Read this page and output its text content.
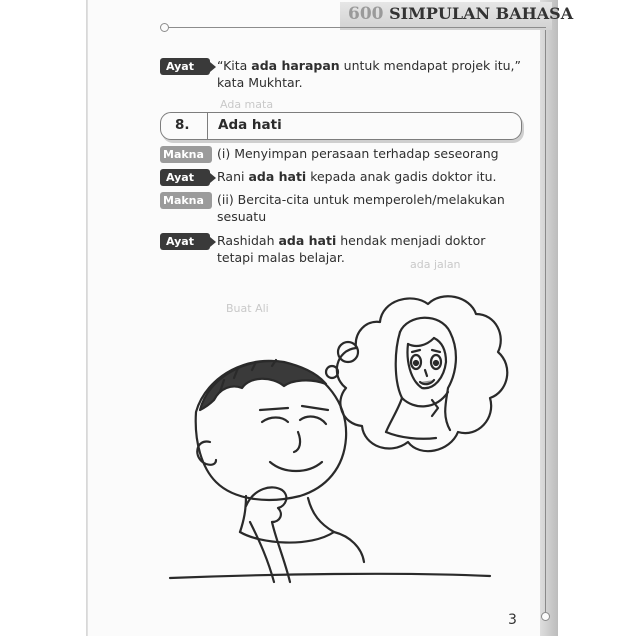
Ada mata
ada jalan
Buat Ali
600 SIMPULAN BAHASA
Ayat	“Kita ada harapan untuk mendapat projek itu,” kata Mukhtar.
8. Ada hati
Makna	(i) Menyimpan perasaan terhadap seseorang
Ayat	Rani ada hati kepada anak gadis doktor itu.
Makna	(ii) Bercita-cita untuk memperoleh/melakukan sesuatu
Ayat	Rashidah ada hati hendak menjadi doktor tetapi malas belajar.
3
